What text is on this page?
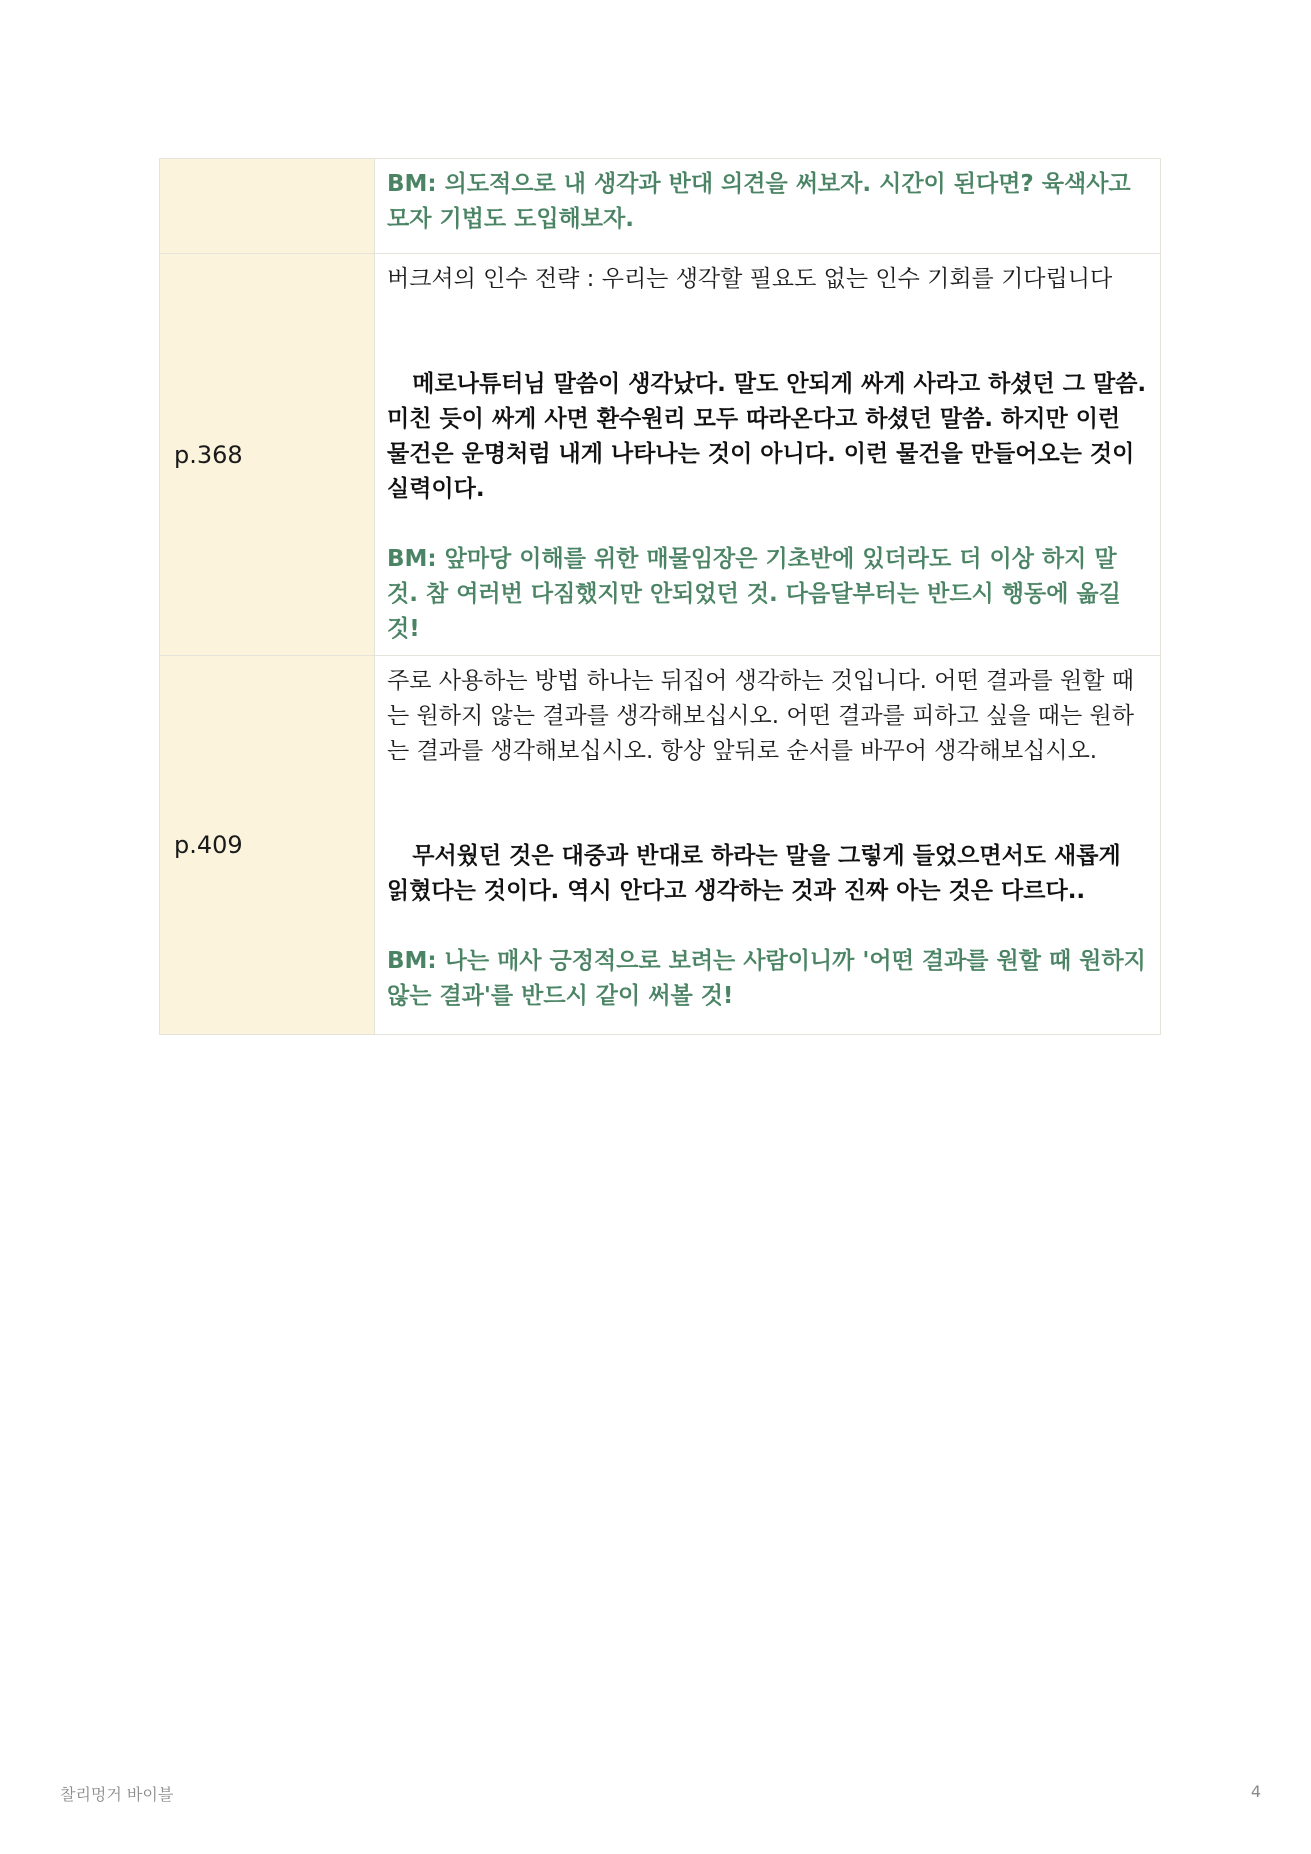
	BM: 의도적으로 내 생각과 반대 의견을 써보자. 시간이 된다면? 육색사고모자 기법도 도입해보자.

p.368	버크셔의 인수 전략 : 우리는 생각할 필요도 없는 인수 기회를 기다립니다
메로나튜터님 말씀이 생각났다. 말도 안되게 싸게 사라고 하셨던 그 말씀. 미친 듯이 싸게 사면 환수원리 모두 따라온다고 하셨던 말씀. 하지만 이런 물건은 운명처럼 내게 나타나는 것이 아니다. 이런 물건을 만들어오는 것이 실력이다.
BM: 앞마당 이해를 위한 매물임장은 기초반에 있더라도 더 이상 하지 말 것. 참 여러번 다짐했지만 안되었던 것. 다음달부터는 반드시 행동에 옮길 것!

p.409	주로 사용하는 방법 하나는 뒤집어 생각하는 것입니다. 어떤 결과를 원할 때는 원하지 않는 결과를 생각해보십시오. 어떤 결과를 피하고 싶을 때는 원하는 결과를 생각해보십시오. 항상 앞뒤로 순서를 바꾸어 생각해보십시오.
무서웠던 것은 대중과 반대로 하라는 말을 그렇게 들었으면서도 새롭게 읽혔다는 것이다. 역시 안다고 생각하는 것과 진짜 아는 것은 다르다..
BM: 나는 매사 긍정적으로 보려는 사람이니까 '어떤 결과를 원할 때 원하지 않는 결과'를 반드시 같이 써볼 것!
찰리멍거 바이블	4
